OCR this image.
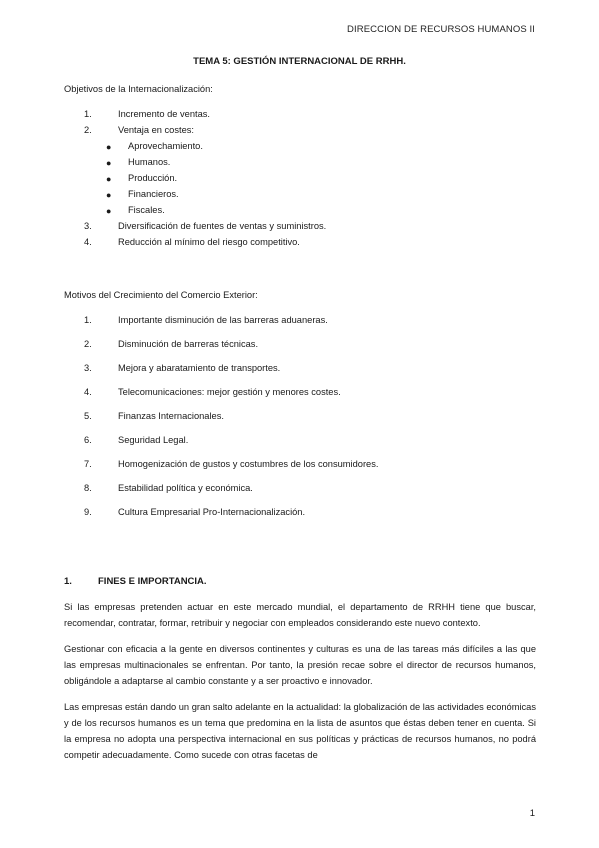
DIRECCION DE RECURSOS HUMANOS II
TEMA 5: GESTIÓN INTERNACIONAL DE RRHH.
Objetivos de la Internacionalización:
1.	Incremento de ventas.
2.	Ventaja en costes:
● Aprovechamiento.
● Humanos.
● Producción.
● Financieros.
● Fiscales.
3.	Diversificación de fuentes de ventas y suministros.
4.	Reducción al mínimo del riesgo competitivo.
Motivos del Crecimiento del Comercio Exterior:
1.	Importante disminución de las barreras aduaneras.
2.	Disminución de barreras técnicas.
3.	Mejora y abaratamiento de transportes.
4.	Telecomunicaciones: mejor gestión y menores costes.
5.	Finanzas Internacionales.
6.	Seguridad Legal.
7.	Homogenización de gustos y costumbres de los consumidores.
8.	Estabilidad política y económica.
9.	Cultura Empresarial Pro-Internacionalización.
1.	FINES E IMPORTANCIA.

Si las empresas pretenden actuar en este mercado mundial, el departamento de RRHH tiene que buscar, recomendar, contratar, formar, retribuir y negociar con empleados considerando este nuevo contexto.

Gestionar con eficacia a la gente en diversos continentes y culturas es una de las tareas más difíciles a las que las empresas multinacionales se enfrentan. Por tanto, la presión recae sobre el director de recursos humanos, obligándole a adaptarse al cambio constante y a ser proactivo e innovador.

Las empresas están dando un gran salto adelante en la actualidad: la globalización de las actividades económicas y de los recursos humanos es un tema que predomina en la lista de asuntos que éstas deben tener en cuenta. Si la empresa no adopta una perspectiva internacional en sus políticas y prácticas de recursos humanos, no podrá competir adecuadamente. Como sucede con otras facetas de

1
